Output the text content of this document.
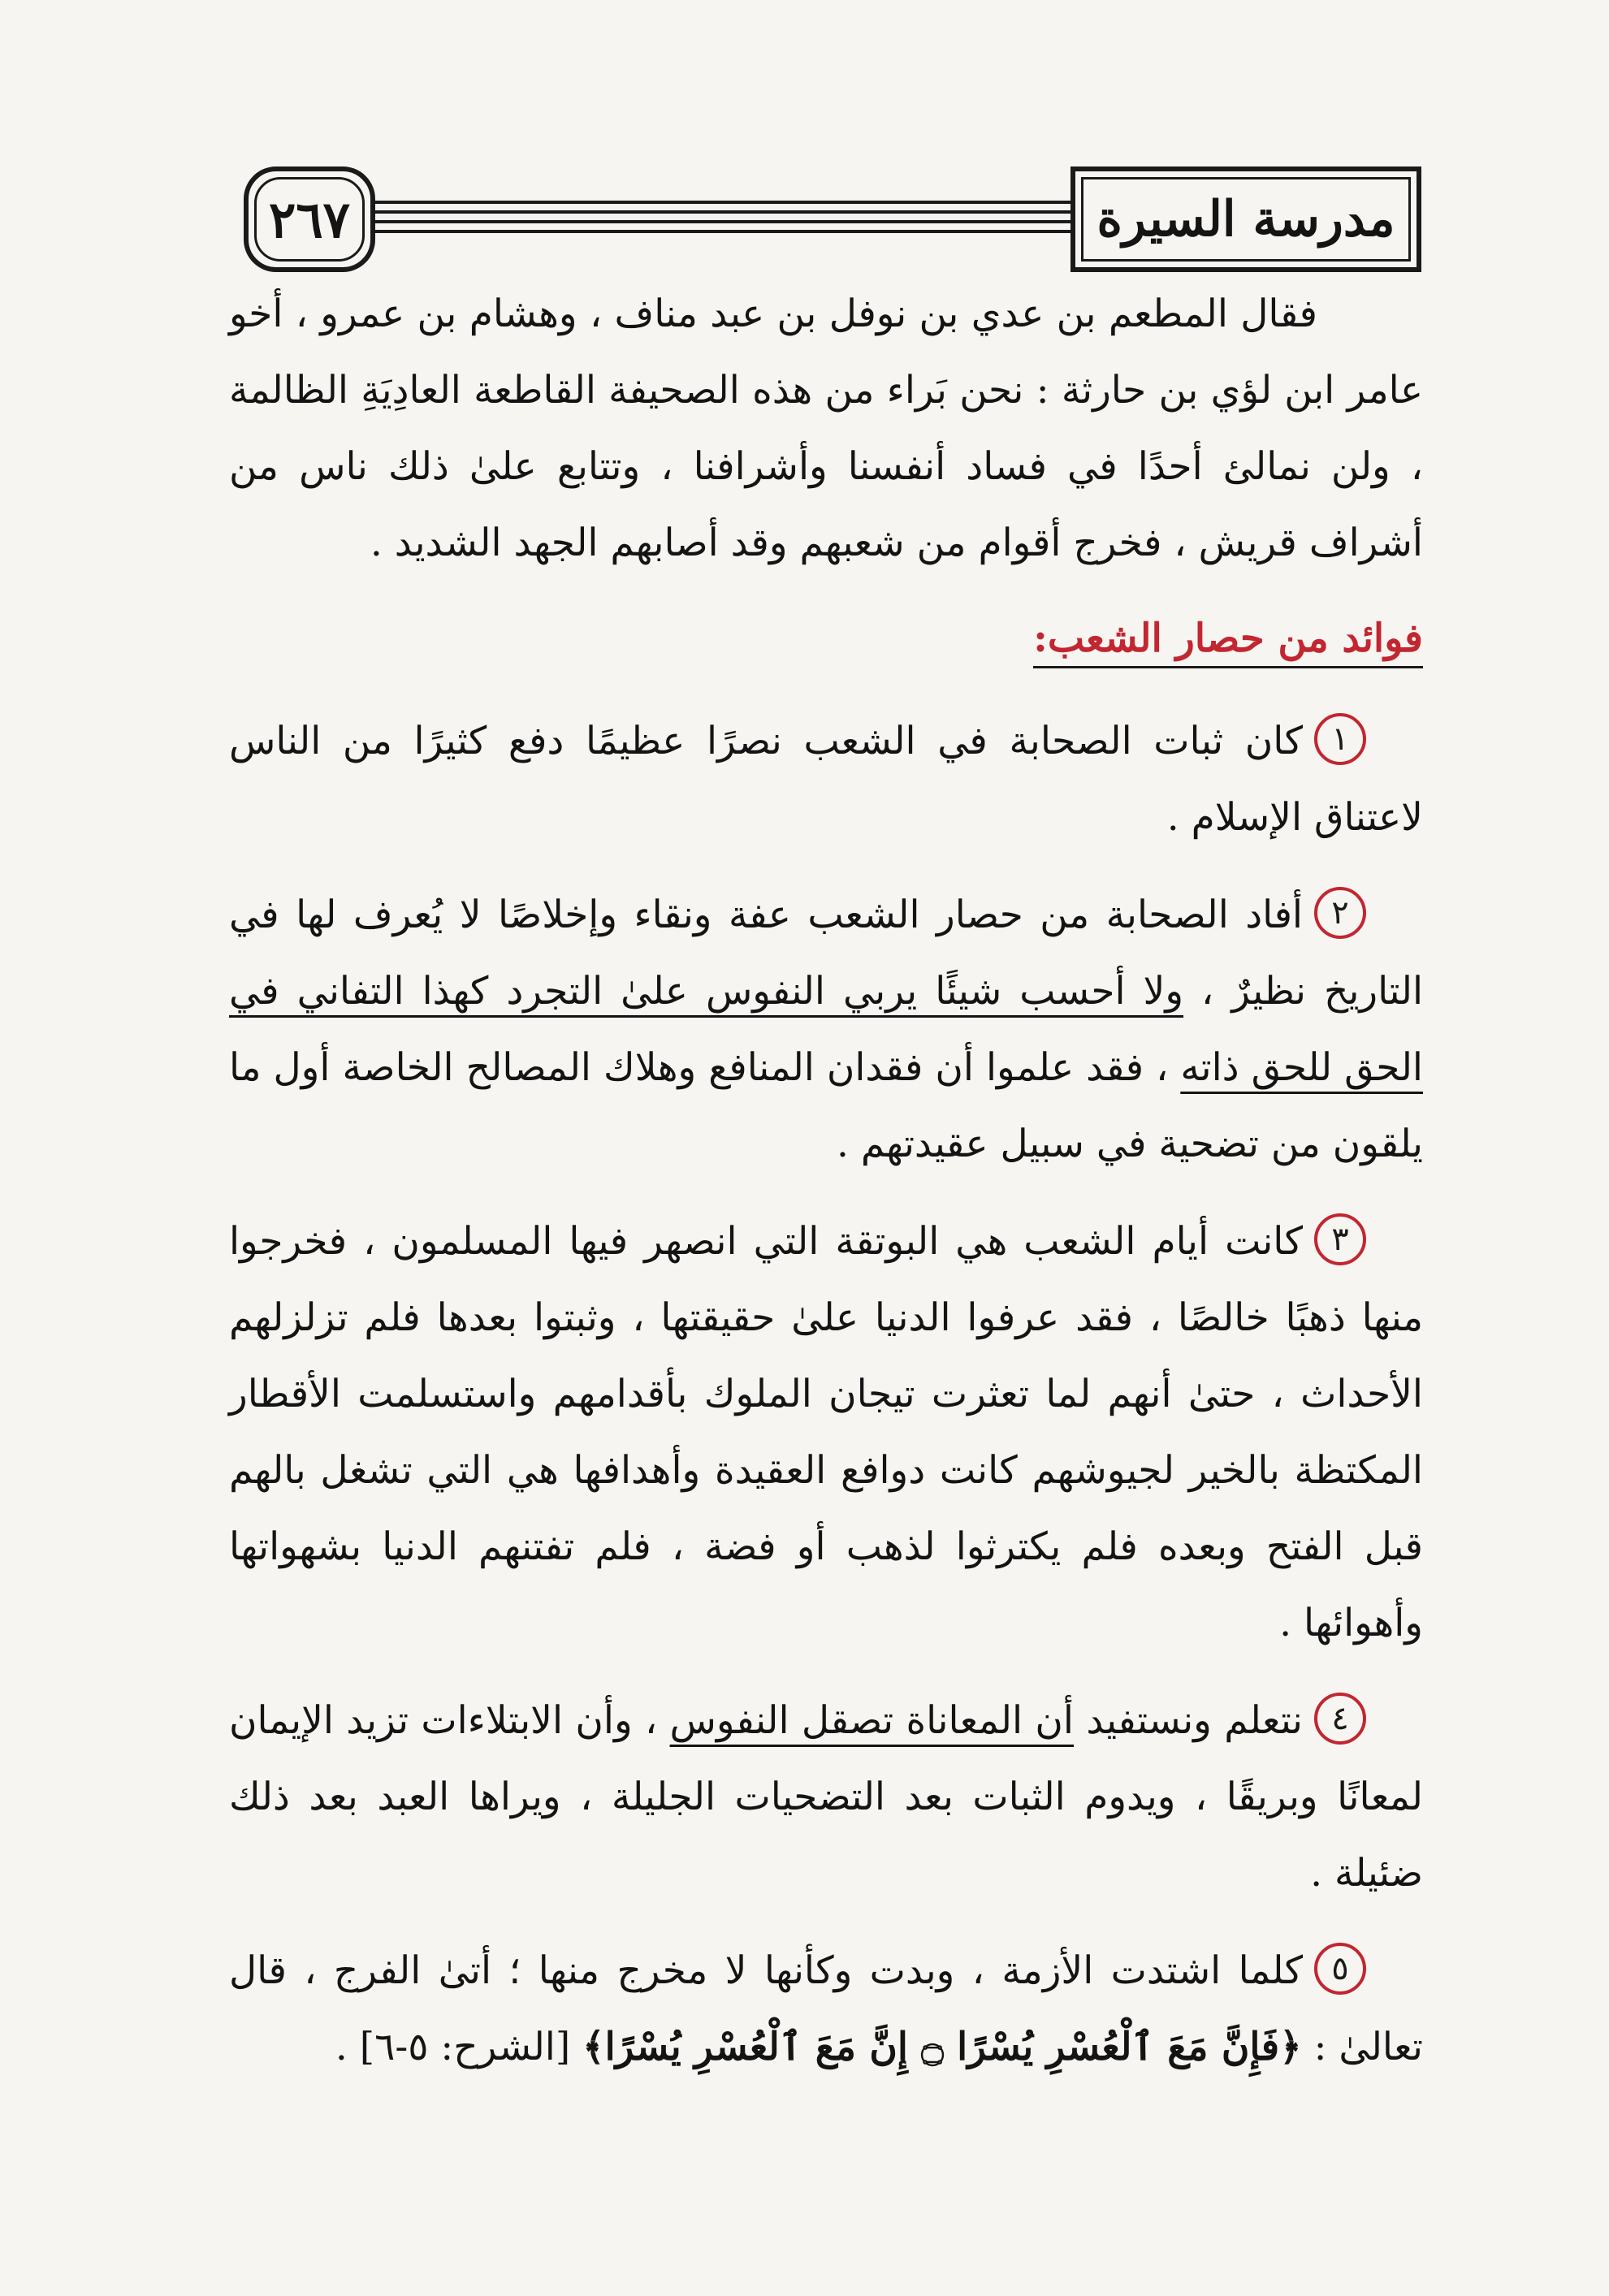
٢٦٧	مدرسة السيرة

فقال المطعم بن عدي بن نوفل بن عبد مناف ، وهشام بن عمرو ، أخو عامر ابن لؤي بن حارثة : نحن بَراء من هذه الصحيفة القاطعة العادِيَةِ الظالمة ، ولن نمالئ أحدًا في فساد أنفسنا وأشرافنا ، وتتابع علىٰ ذلك ناس من أشراف قريش ، فخرج أقوام من شعبهم وقد أصابهم الجهد الشديد .

فوائد من حصار الشعب:

١كان ثبات الصحابة في الشعب نصرًا عظيمًا دفع كثيرًا من الناس لاعتناق الإسلام .

٢أفاد الصحابة من حصار الشعب عفة ونقاء وإخلاصًا لا يُعرف لها في التاريخ نظيرٌ ، ولا أحسب شيئًا يربي النفوس علىٰ التجرد كهذا التفاني في الحق للحق ذاته ، فقد علموا أن فقدان المنافع وهلاك المصالح الخاصة أول ما يلقون من تضحية في سبيل عقيدتهم .

٣كانت أيام الشعب هي البوتقة التي انصهر فيها المسلمون ، فخرجوا منها ذهبًا خالصًا ، فقد عرفوا الدنيا علىٰ حقيقتها ، وثبتوا بعدها فلم تزلزلهم الأحداث ، حتىٰ أنهم لما تعثرت تيجان الملوك بأقدامهم واستسلمت الأقطار المكتظة بالخير لجيوشهم كانت دوافع العقيدة وأهدافها هي التي تشغل بالهم قبل الفتح وبعده فلم يكترثوا لذهب أو فضة ، فلم تفتنهم الدنيا بشهواتها وأهوائها .

٤نتعلم ونستفيد أن المعاناة تصقل النفوس ، وأن الابتلاءات تزيد الإيمان لمعانًا وبريقًا ، ويدوم الثبات بعد التضحيات الجليلة ، ويراها العبد بعد ذلك ضئيلة .

٥كلما اشتدت الأزمة ، وبدت وكأنها لا مخرج منها ؛ أتىٰ الفرج ، قال تعالىٰ : ﴿فَإِنَّ مَعَ ٱلْعُسْرِ يُسْرًا ۝ إِنَّ مَعَ ٱلْعُسْرِ يُسْرًا﴾ [الشرح: ٥-٦] .
